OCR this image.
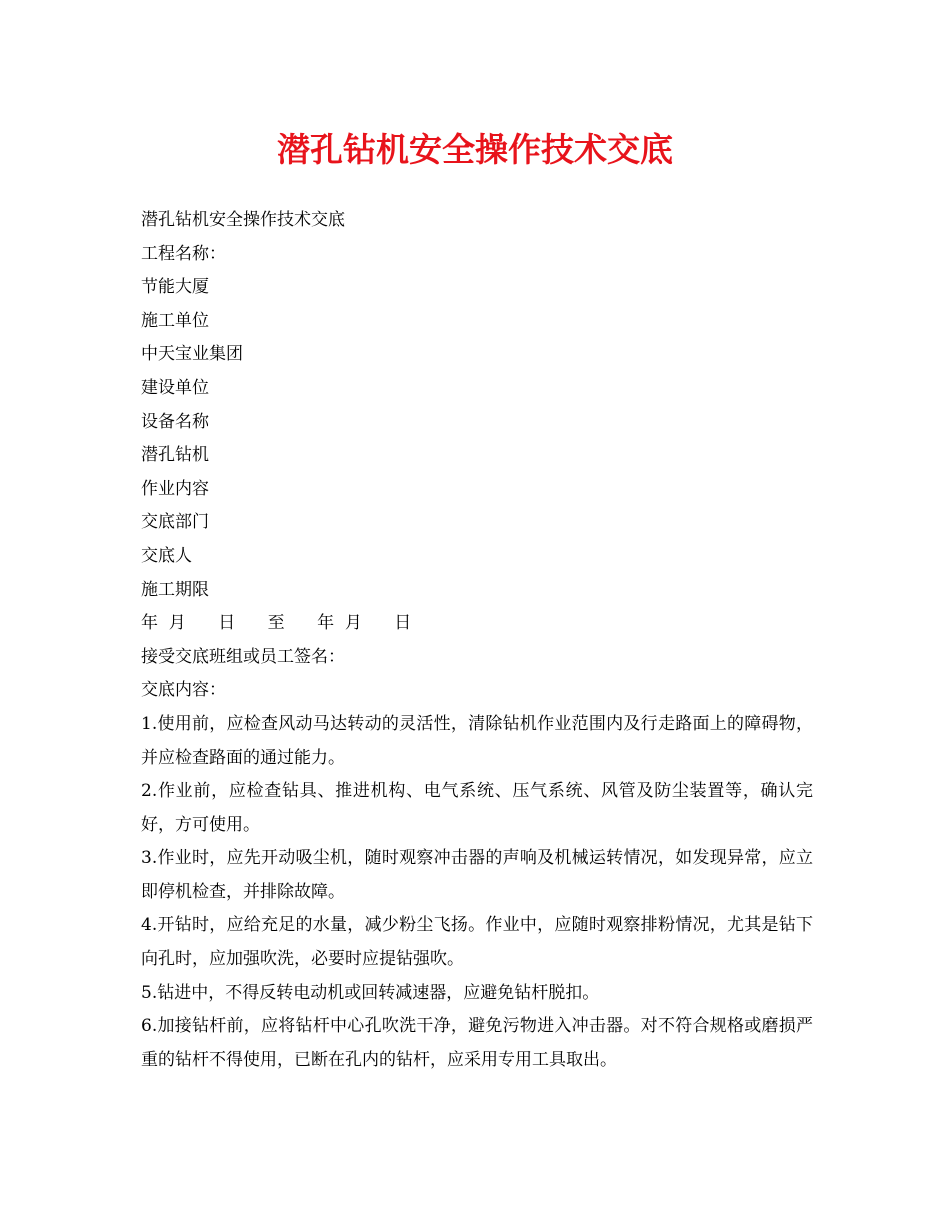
潜孔钻机安全操作技术交底
潜孔钻机安全操作技术交底
工程名称：
节能大厦
施工单位
中天宝业集团
建设单位
设备名称
潜孔钻机
作业内容
交底部门
交底人
施工期限
年  月      日      至      年  月      日
接受交底班组或员工签名：
交底内容：

1.使用前，应检查风动马达转动的灵活性，清除钻机作业范围内及行走路面上的障碍物，并应检查路面的通过能力。

2.作业前，应检查钻具、推进机构、电气系统、压气系统、风管及防尘装置等，确认完好，方可使用。

3.作业时，应先开动吸尘机，随时观察冲击器的声响及机械运转情况，如发现异常，应立即停机检查，并排除故障。

4.开钻时，应给充足的水量，减少粉尘飞扬。作业中，应随时观察排粉情况，尤其是钻下向孔时，应加强吹洗，必要时应提钻强吹。

5.钻进中，不得反转电动机或回转减速器，应避免钻杆脱扣。

6.加接钻杆前，应将钻杆中心孔吹洗干净，避免污物进入冲击器。对不符合规格或磨损严重的钻杆不得使用，已断在孔内的钻杆，应采用专用工具取出。
